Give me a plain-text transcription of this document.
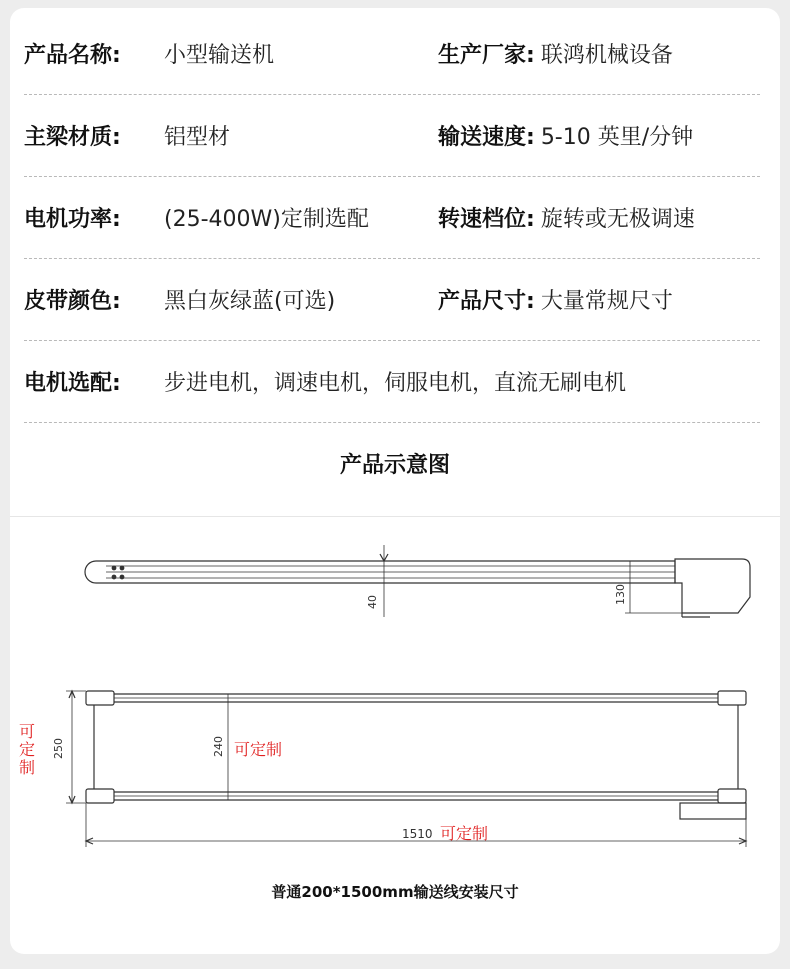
产品名称:	小型输送机	生产厂家: 联鸿机械设备
主梁材质:	铝型材	输送速度: 5-10 英里/分钟
电机功率:	(25-400W)定制选配	转速档位: 旋转或无极调速
皮带颜色:	黑白灰绿蓝(可选)	产品尺寸: 大量常规尺寸
电机选配:	步进电机，调速电机，伺服电机，直流无刷电机
产品示意图
40	130
250	240 可定制
可
定
制
1510 可定制
普通200*1500mm输送线安装尺寸
